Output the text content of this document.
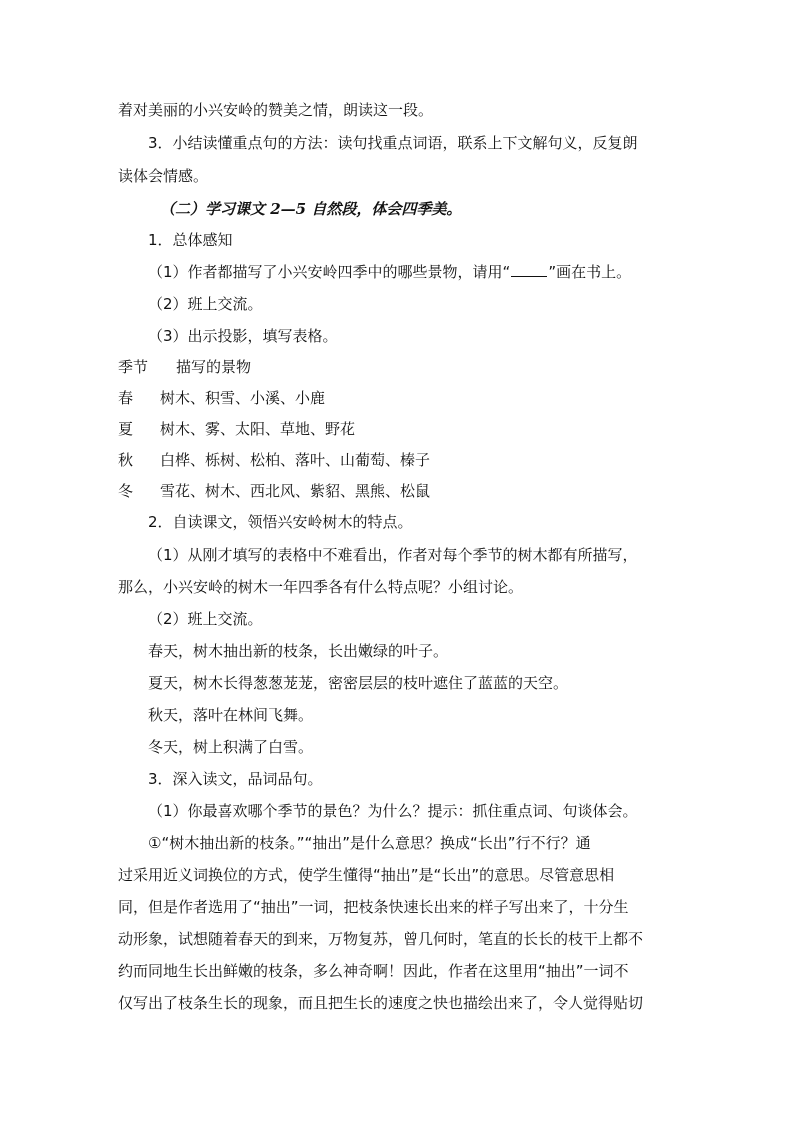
着对美丽的小兴安岭的赞美之情，朗读这一段。
3．小结读懂重点句的方法：读句找重点词语，联系上下文解句义，反复朗
读体会情感。
（二）学习课文 2—5 自然段，体会四季美。
1．总体感知
（1）作者都描写了小兴安岭四季中的哪些景物，请用“	”画在书上。
（2）班上交流。
（3）出示投影，填写表格。
季节 描写的景物
春 树木、积雪、小溪、小鹿
夏 树木、雾、太阳、草地、野花
秋 白桦、栎树、松柏、落叶、山葡萄、榛子
冬 雪花、树木、西北风、紫貂、黑熊、松鼠
2．自读课文，领悟兴安岭树木的特点。
（1）从刚才填写的表格中不难看出，作者对每个季节的树木都有所描写，
那么，小兴安岭的树木一年四季各有什么特点呢？小组讨论。
（2）班上交流。
春天，树木抽出新的枝条，长出嫩绿的叶子。
夏天，树木长得葱葱茏茏，密密层层的枝叶遮住了蓝蓝的天空。
秋天，落叶在林间飞舞。
冬天，树上积满了白雪。
3．深入读文，品词品句。
（1）你最喜欢哪个季节的景色？为什么？提示：抓住重点词、句谈体会。
①“树木抽出新的枝条。”“抽出”是什么意思？换成“长出”行不行？通
过采用近义词换位的方式，使学生懂得“抽出”是“长出”的意思。尽管意思相
同，但是作者选用了“抽出”一词，把枝条快速长出来的样子写出来了，十分生
动形象，试想随着春天的到来，万物复苏，曾几何时，笔直的长长的枝干上都不
约而同地生长出鲜嫩的枝条，多么神奇啊！因此，作者在这里用“抽出”一词不
仅写出了枝条生长的现象，而且把生长的速度之快也描绘出来了，令人觉得贴切
